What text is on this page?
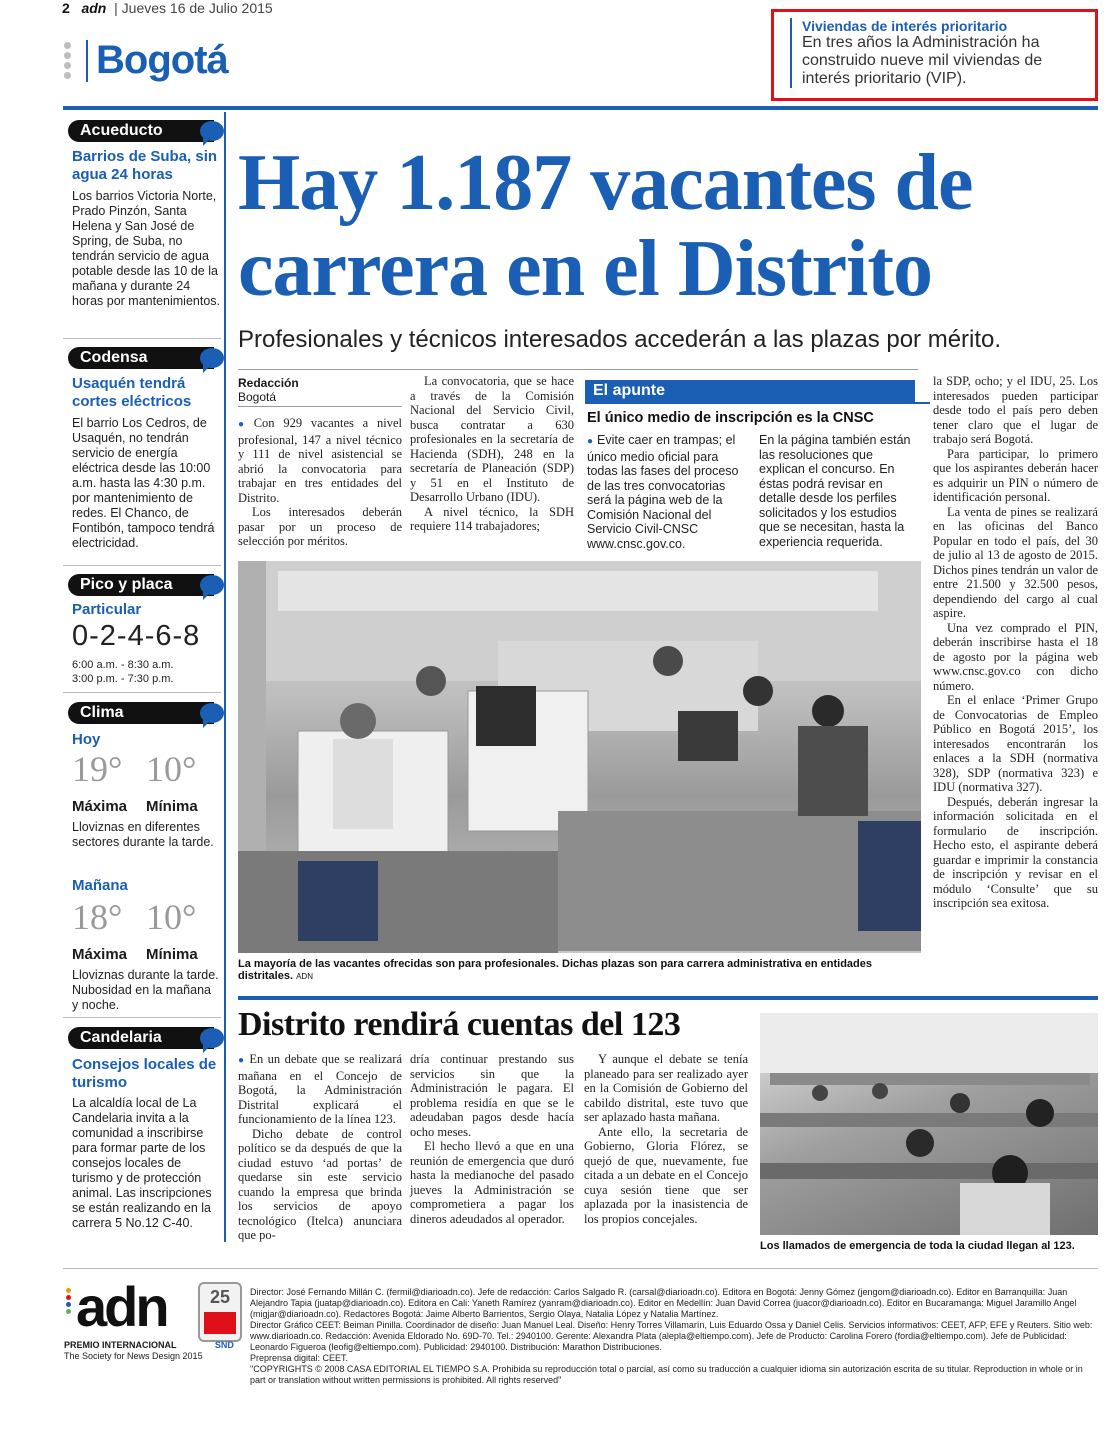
2 adn  | Jueves 16 de Julio 2015
Bogotá
Viviendas de interés prioritario
En tres años la Administración ha construido nueve mil viviendas de interés prioritario (VIP).
Acueducto
Barrios de Suba, sin agua 24 horas
Los barrios Victoria Norte, Prado Pinzón, Santa Helena y San José de Spring, de Suba, no tendrán servicio de agua potable desde las 10 de la mañana y durante 24 horas por mantenimientos.
Codensa
Usaquén tendrá cortes eléctricos
El barrio Los Cedros, de Usaquén, no tendrán servicio de energía eléctrica desde las 10:00 a.m. hasta las 4:30 p.m. por mantenimiento de redes. El Chanco, de Fontibón, tampoco tendrá electricidad.
Pico y placa
Particular
0-2-4-6-8
6:00 a.m. - 8:30 a.m.
3:00 p.m. - 7:30 p.m.
Clima
Hoy
19° 10°
Máxima Mínima
Lloviznas en diferentes sectores durante la tarde.
Mañana
18° 10°
Máxima Mínima
Lloviznas durante la tarde. Nubosidad en la mañana y noche.
Candelaria
Consejos locales de turismo
La alcaldía local de La Candelaria invita a la comunidad a inscribirse para formar parte de los consejos locales de turismo y de protección animal. Las inscripciones se están realizando en la carrera 5 No.12 C-40.
Hay 1.187 vacantes de
carrera en el Distrito
Profesionales y técnicos interesados accederán a las plazas por mérito.
Redacción
Bogotá
● Con 929 vacantes a nivel profesional, 147 a nivel técnico y 111 de nivel asistencial se abrió la convocatoria para trabajar en tres entidades del Distrito.
Los interesados deberán pasar por un proceso de selección por méritos.
La convocatoria, que se hace a través de la Comisión Nacional del Servicio Civil, busca contratar a 630 profesionales en la secretaría de Hacienda (SDH), 248 en la secretaría de Planeación (SDP) y 51 en el Instituto de Desarrollo Urbano (IDU).
A nivel técnico, la SDH requiere 114 trabajadores;
El apunte
El único medio de inscripción es la CNSC
● Evite caer en trampas; el único medio oficial para todas las fases del proceso de las tres convocatorias será la página web de la Comisión Nacional del Servicio Civil-CNSC www.cnsc.gov.co.
En la página también están las resoluciones que explican el concurso. En éstas podrá revisar en detalle desde los perfiles solicitados y los estudios que se necesitan, hasta la experiencia requerida.
la SDP, ocho; y el IDU, 25. Los interesados pueden participar desde todo el país pero deben tener claro que el lugar de trabajo será Bogotá.
Para participar, lo primero que los aspirantes deberán hacer es adquirir un PIN o número de identificación personal.
La venta de pines se realizará en las oficinas del Banco Popular en todo el país, del 30 de julio al 13 de agosto de 2015. Dichos pines tendrán un valor de entre 21.500 y 32.500 pesos, dependiendo del cargo al cual aspire.
Una vez comprado el PIN, deberán inscribirse hasta el 18 de agosto por la página web www.cnsc.gov.co con dicho número.
En el enlace ‘Primer Grupo de Convocatorias de Empleo Público en Bogotá 2015’, los interesados encontrarán los enlaces a la SDH (normativa 328), SDP (normativa 323) e IDU (normativa 327).
Después, deberán ingresar la información solicitada en el formulario de inscripción. Hecho esto, el aspirante deberá guardar e imprimir la constancia de inscripción y revisar en el módulo ‘Consulte’ que su inscripción sea exitosa.
La mayoría de las vacantes ofrecidas son para profesionales. Dichas plazas son para carrera administrativa en entidades distritales. ADN
Distrito rendirá cuentas del 123
● En un debate que se realizará mañana en el Concejo de Bogotá, la Administración Distrital explicará el funcionamiento de la línea 123.
Dicho debate de control político se da después de que la ciudad estuvo ‘ad portas’ de quedarse sin este servicio cuando la empresa que brinda los servicios de apoyo tecnológico (Itelca) anunciara que po-
dría continuar prestando sus servicios sin que la Administración le pagara. El problema residía en que se le adeudaban pagos desde hacía ocho meses.
El hecho llevó a que en una reunión de emergencia que duró hasta la medianoche del pasado jueves la Administración se comprometiera a pagar los dineros adeudados al operador.
Y aunque el debate se tenía planeado para ser realizado ayer en la Comisión de Gobierno del cabildo distrital, este tuvo que ser aplazado hasta mañana.
Ante ello, la secretaria de Gobierno, Gloria Flórez, se quejó de que, nuevamente, fue citada a un debate en el Concejo cuya sesión tiene que ser aplazada por la inasistencia de los propios concejales.
Los llamados de emergencia de toda la ciudad llegan al 123.
adn	25
PREMIO INTERNACIONAL	SND
The Society for News Design 2015
Director: José Fernando Millán C. (fermil@diarioadn.co). Jefe de redacción: Carlos Salgado R. (carsal@diarioadn.co). Editora en Bogotá: Jenny Gómez (jengom@diarioadn.co). Editor en Barranquilla: Juan Alejandro Tapia (juatap@diarioadn.co). Editora en Cali: Yaneth Ramírez (yanram@diarioadn.co). Editor en Medellín: Juan David Correa (juacor@diarioadn.co). Editor en Bucaramanga: Miguel Jaramillo Angel (migjar@diarioadn.co). Redactores Bogotá: Jaime Alberto Barrientos, Sergio Olaya, Natalia López y Natalia Martínez.
Director Gráfico CEET: Beiman Pinilla. Coordinador de diseño: Juan Manuel Leal. Diseño: Henry Torres Villamarín, Luis Eduardo Ossa y Daniel Celis. Servicios informativos: CEET, AFP, EFE y Reuters. Sitio web: www.diarioadn.co. Redacción: Avenida Eldorado No. 69D-70. Tel.: 2940100. Gerente: Alexandra Plata (alepla@eltiempo.com). Jefe de Producto: Carolina Forero (fordia@eltiempo.com). Jefe de Publicidad: Leonardo Figueroa (leofig@eltiempo.com). Publicidad: 2940100. Distribución: Marathon Distribuciones.
Preprensa digital: CEET.
"COPYRIGHTS © 2008 CASA EDITORIAL EL TIEMPO S.A. Prohibida su reproducción total o parcial, así como su traducción a cualquier idioma sin autorización escrita de su titular. Reproduction in whole or in part or translation without written permissions is prohibited. All rights reserved"
